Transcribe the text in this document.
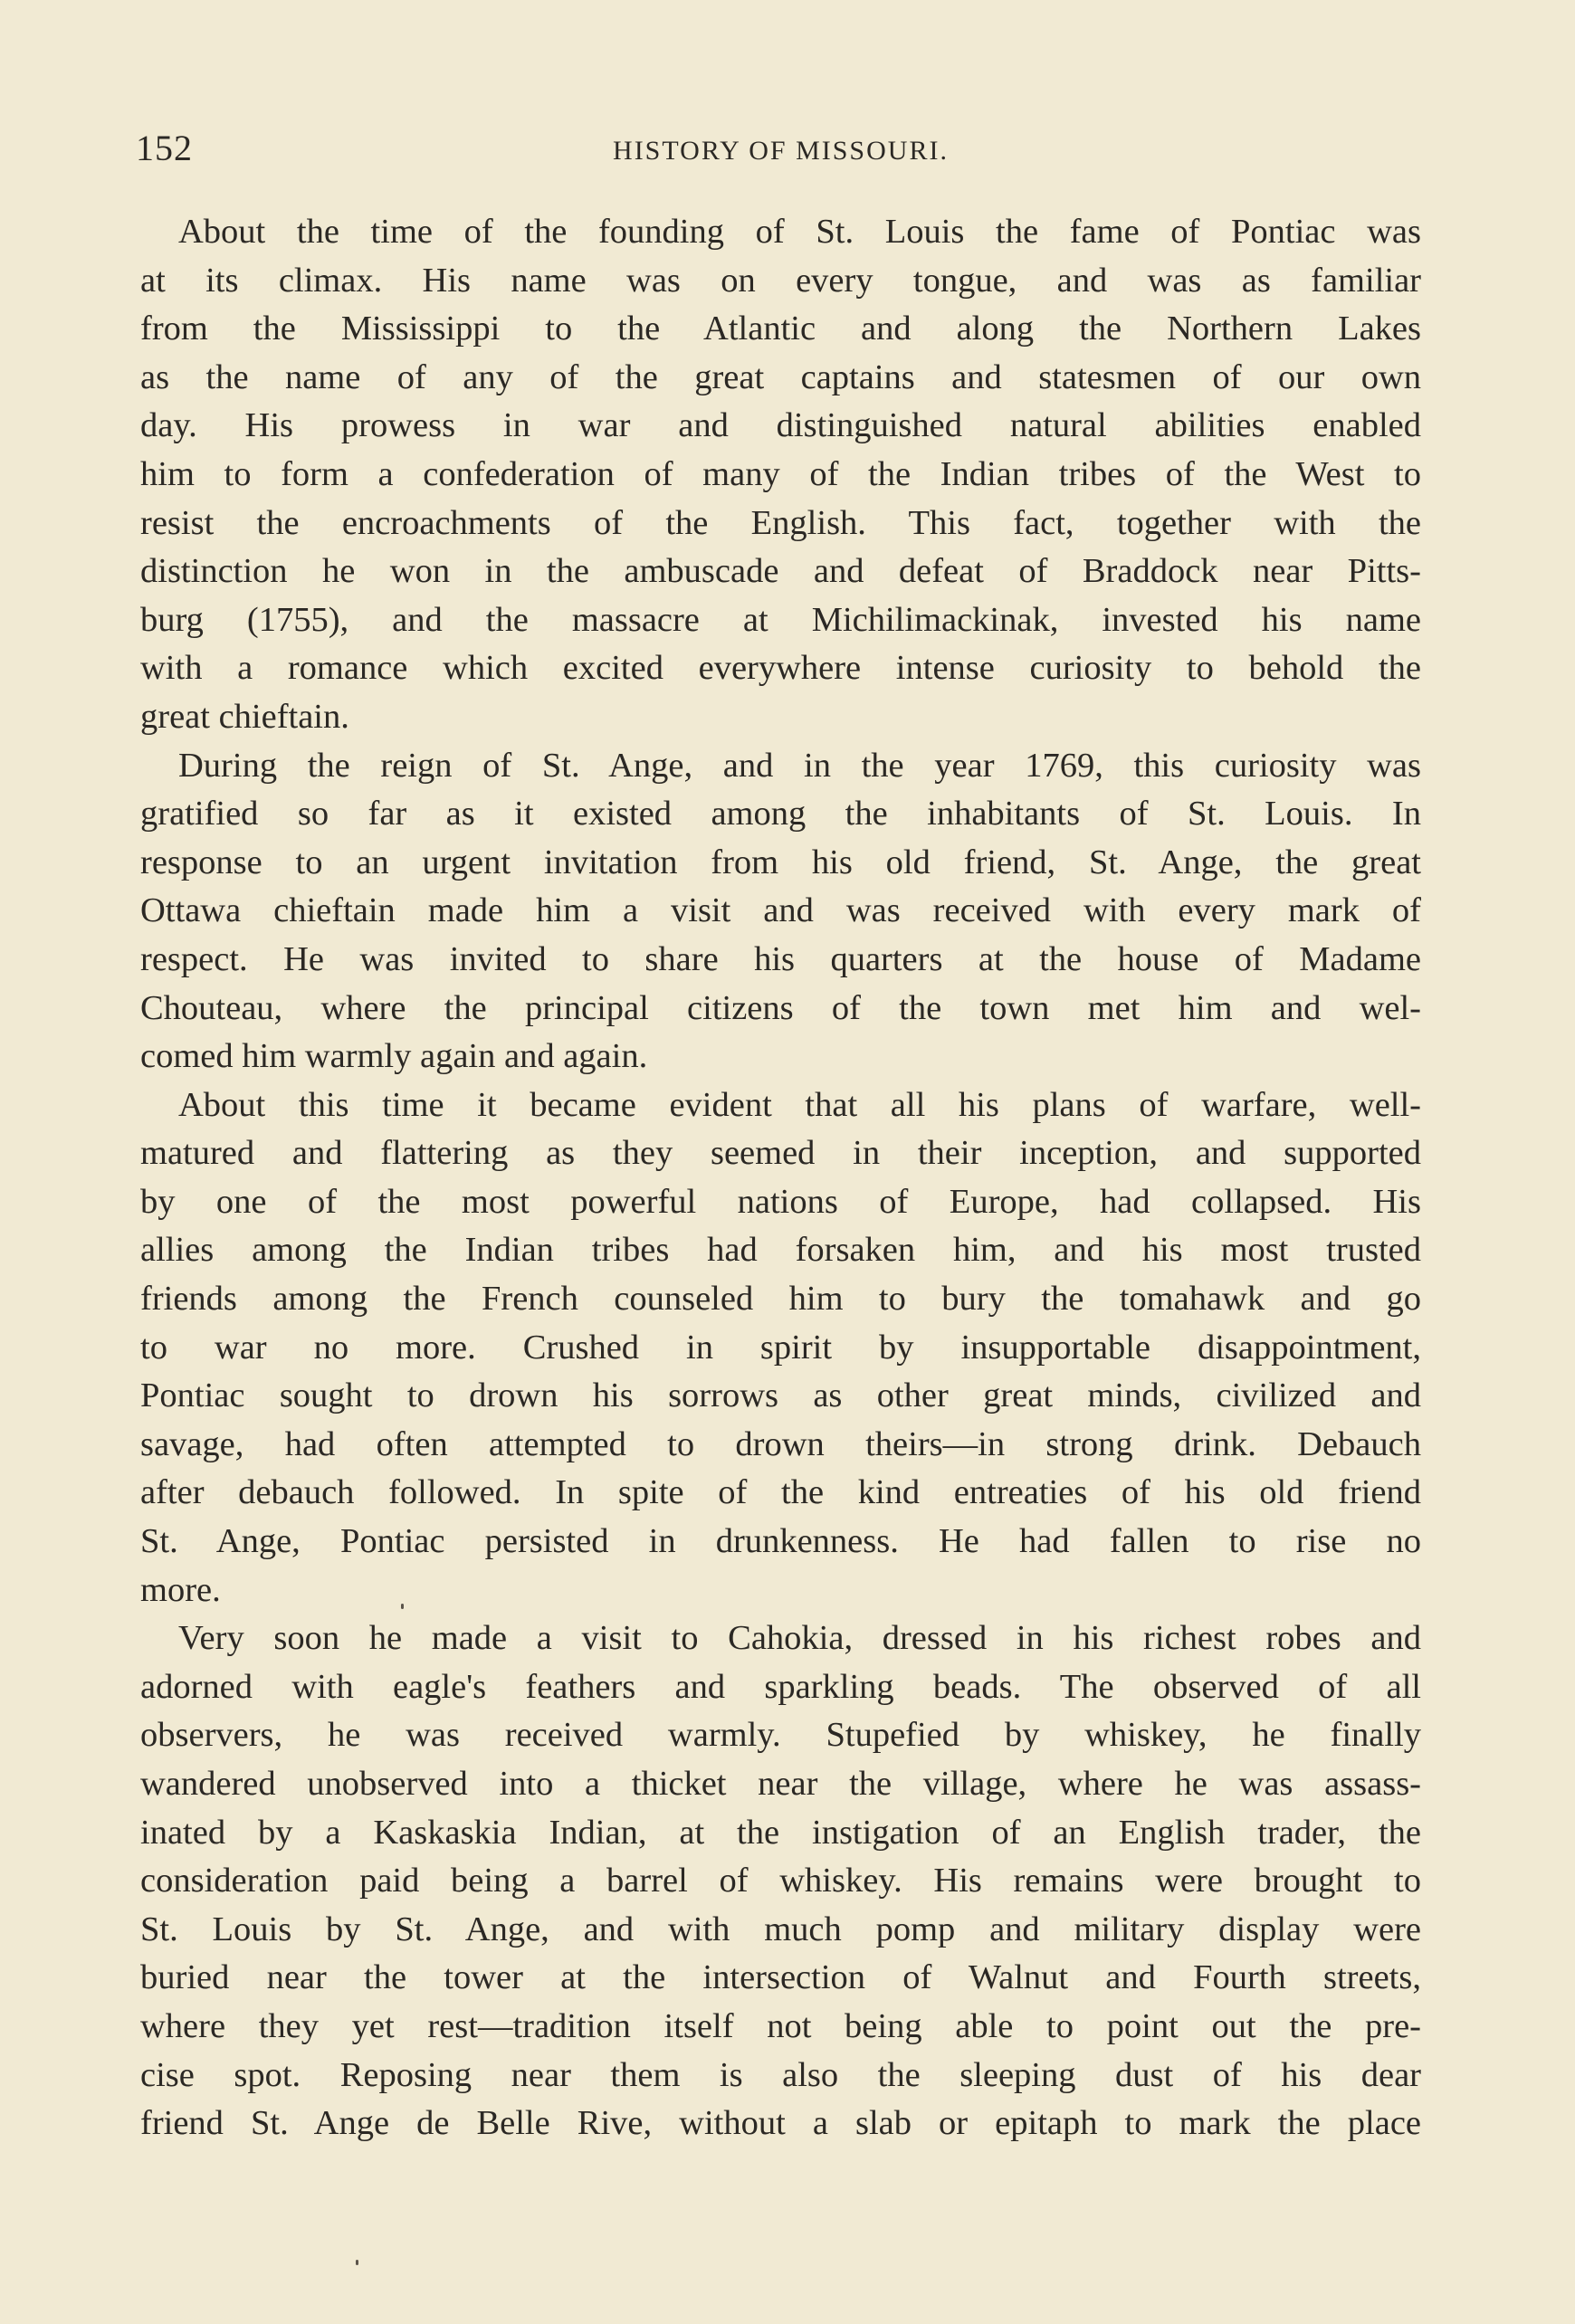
152	HISTORY OF MISSOURI.
About the time of the founding of St. Louis the fame of Pontiac was
at its climax. His name was on every tongue, and was as familiar
from the Mississippi to the Atlantic and along the Northern Lakes
as the name of any of the great captains and statesmen of our own
day. His prowess in war and distinguished natural abilities enabled
him to form a confederation of many of the Indian tribes of the West to
resist the encroachments of the English. This fact, together with the
distinction he won in the ambuscade and defeat of Braddock near Pitts-
burg (1755), and the massacre at Michilimackinak, invested his name
with a romance which excited everywhere intense curiosity to behold the
great chieftain.
During the reign of St. Ange, and in the year 1769, this curiosity was
gratified so far as it existed among the inhabitants of St. Louis. In
response to an urgent invitation from his old friend, St. Ange, the great
Ottawa chieftain made him a visit and was received with every mark of
respect. He was invited to share his quarters at the house of Madame
Chouteau, where the principal citizens of the town met him and wel-
comed him warmly again and again.
About this time it became evident that all his plans of warfare, well-
matured and flattering as they seemed in their inception, and supported
by one of the most powerful nations of Europe, had collapsed. His
allies among the Indian tribes had forsaken him, and his most trusted
friends among the French counseled him to bury the tomahawk and go
to war no more. Crushed in spirit by insupportable disappointment,
Pontiac sought to drown his sorrows as other great minds, civilized and
savage, had often attempted to drown theirs—in strong drink. Debauch
after debauch followed. In spite of the kind entreaties of his old friend
St. Ange, Pontiac persisted in drunkenness. He had fallen to rise no
more.
Very soon he made a visit to Cahokia, dressed in his richest robes and
adorned with eagle's feathers and sparkling beads. The observed of all
observers, he was received warmly. Stupefied by whiskey, he finally
wandered unobserved into a thicket near the village, where he was assass-
inated by a Kaskaskia Indian, at the instigation of an English trader, the
consideration paid being a barrel of whiskey. His remains were brought to
St. Louis by St. Ange, and with much pomp and military display were
buried near the tower at the intersection of Walnut and Fourth streets,
where they yet rest—tradition itself not being able to point out the pre-
cise spot. Reposing near them is also the sleeping dust of his dear
friend St. Ange de Belle Rive, without a slab or epitaph to mark the place
